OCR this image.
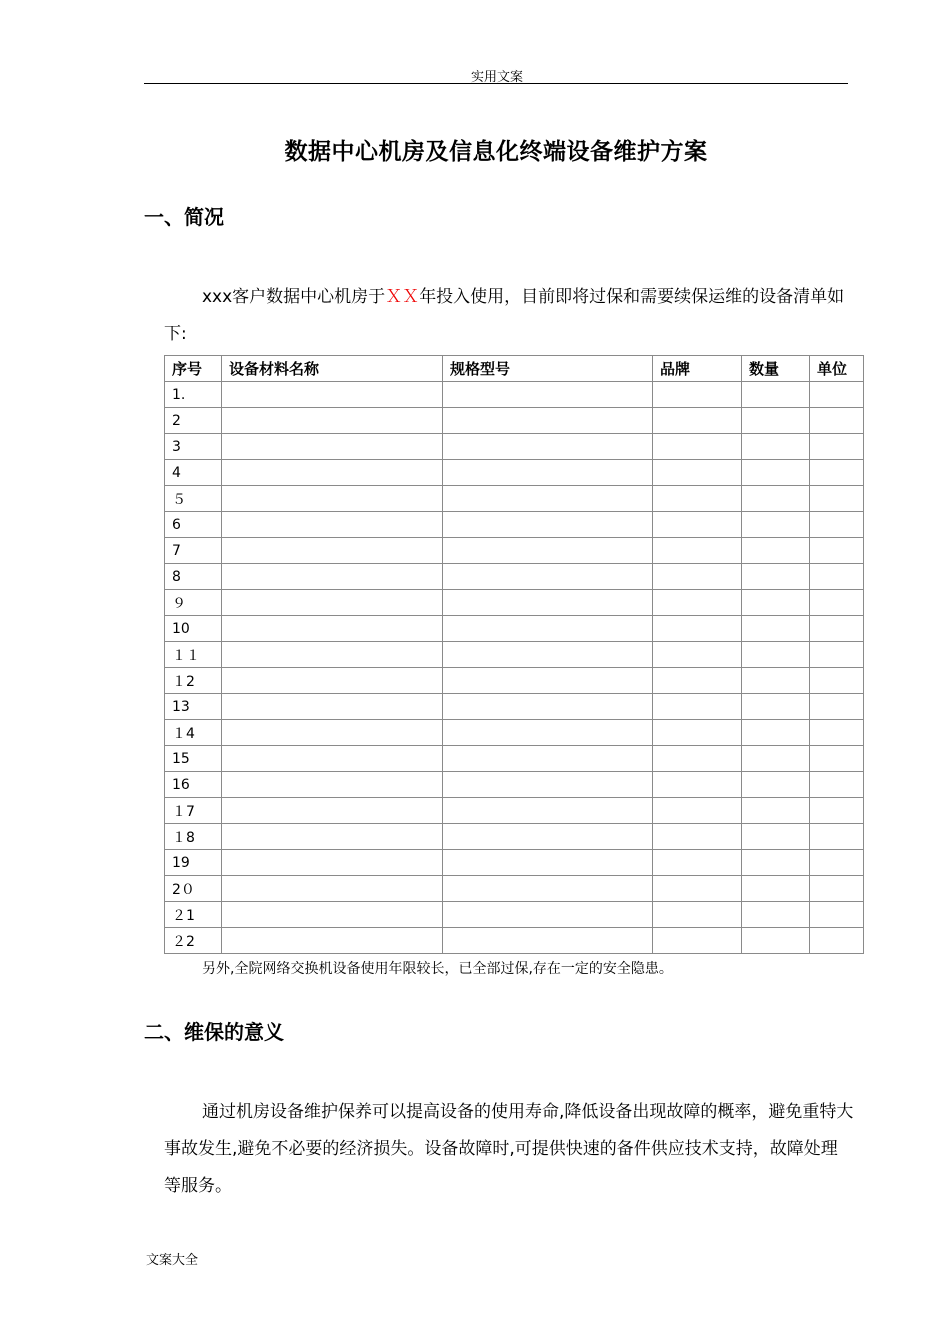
实用文案
数据中心机房及信息化终端设备维护方案
一、简况
xxx客户数据中心机房于ＸＸ年投入使用，目前即将过保和需要续保运维的设备清单如下:
序号	设备材料名称	规格型号	品牌	数量	单位
1.					
2					
3					
4					
５					
6					
7					
8					
９					
10					
１１					
１2					
13					
１4					
15					
16					
１7					
１8					
19					
2０					
２1					
２2					
另外,全院网络交换机设备使用年限较长，已全部过保,存在一定的安全隐患。
二、维保的意义
通过机房设备维护保养可以提高设备的使用寿命,降低设备出现故障的概率，避免重特大事故发生,避免不必要的经济损失。设备故障时,可提供快速的备件供应技术支持，故障处理等服务。
文案大全
